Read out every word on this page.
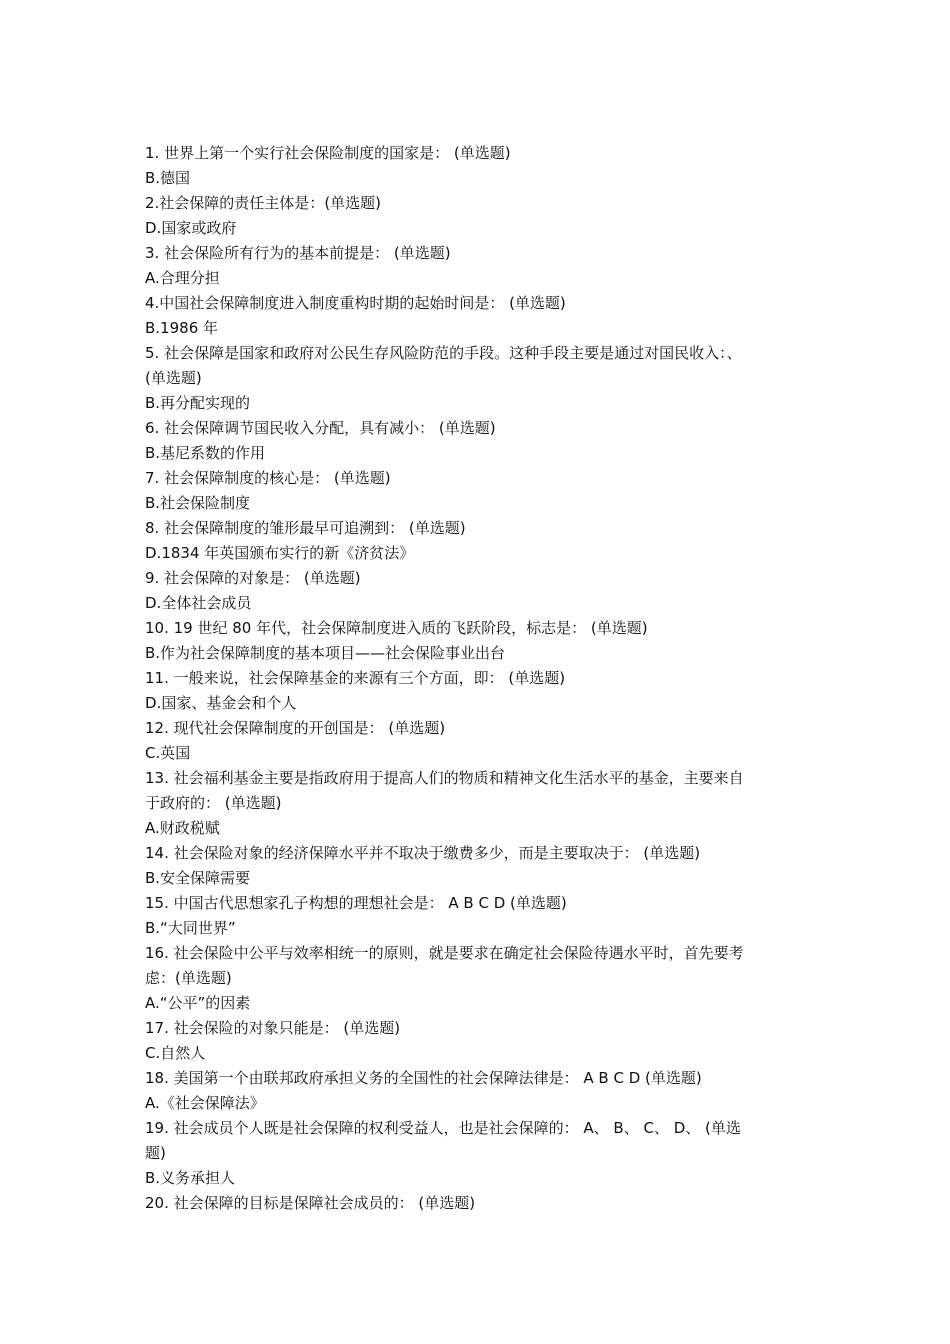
1. 世界上第一个实行社会保险制度的国家是： (单选题)
B.德国
2.社会保障的责任主体是：(单选题)
D.国家或政府
3. 社会保险所有行为的基本前提是： (单选题)
A.合理分担
4.中国社会保障制度进入制度重构时期的起始时间是： (单选题)
B.1986 年
5. 社会保障是国家和政府对公民生存风险防范的手段。这种手段主要是通过对国民收入：、
(单选题)
B.再分配实现的
6. 社会保障调节国民收入分配，具有减小： (单选题)
B.基尼系数的作用
7. 社会保障制度的核心是： (单选题)
B.社会保险制度
8. 社会保障制度的雏形最早可追溯到： (单选题)
D.1834 年英国颁布实行的新《济贫法》
9. 社会保障的对象是： (单选题)
D.全体社会成员
10. 19 世纪 80 年代，社会保障制度进入质的飞跃阶段，标志是： (单选题)
B.作为社会保障制度的基本项目——社会保险事业出台
11. 一般来说，社会保障基金的来源有三个方面，即： (单选题)
D.国家、基金会和个人
12. 现代社会保障制度的开创国是： (单选题)
C.英国
13. 社会福利基金主要是指政府用于提高人们的物质和精神文化生活水平的基金，主要来自
于政府的： (单选题)
A.财政税赋
14. 社会保险对象的经济保障水平并不取决于缴费多少，而是主要取决于： (单选题)
B.安全保障需要
15. 中国古代思想家孔子构想的理想社会是： A B C D (单选题)
B.“大同世界”
16. 社会保险中公平与效率相统一的原则，就是要求在确定社会保险待遇水平时，首先要考
虑：(单选题)
A.“公平”的因素
17. 社会保险的对象只能是： (单选题)
C.自然人
18. 美国第一个由联邦政府承担义务的全国性的社会保障法律是： A B C D (单选题)
A.《社会保障法》
19. 社会成员个人既是社会保障的权利受益人，也是社会保障的： A、 B、 C、 D、 (单选
题)
B.义务承担人
20. 社会保障的目标是保障社会成员的： (单选题)
